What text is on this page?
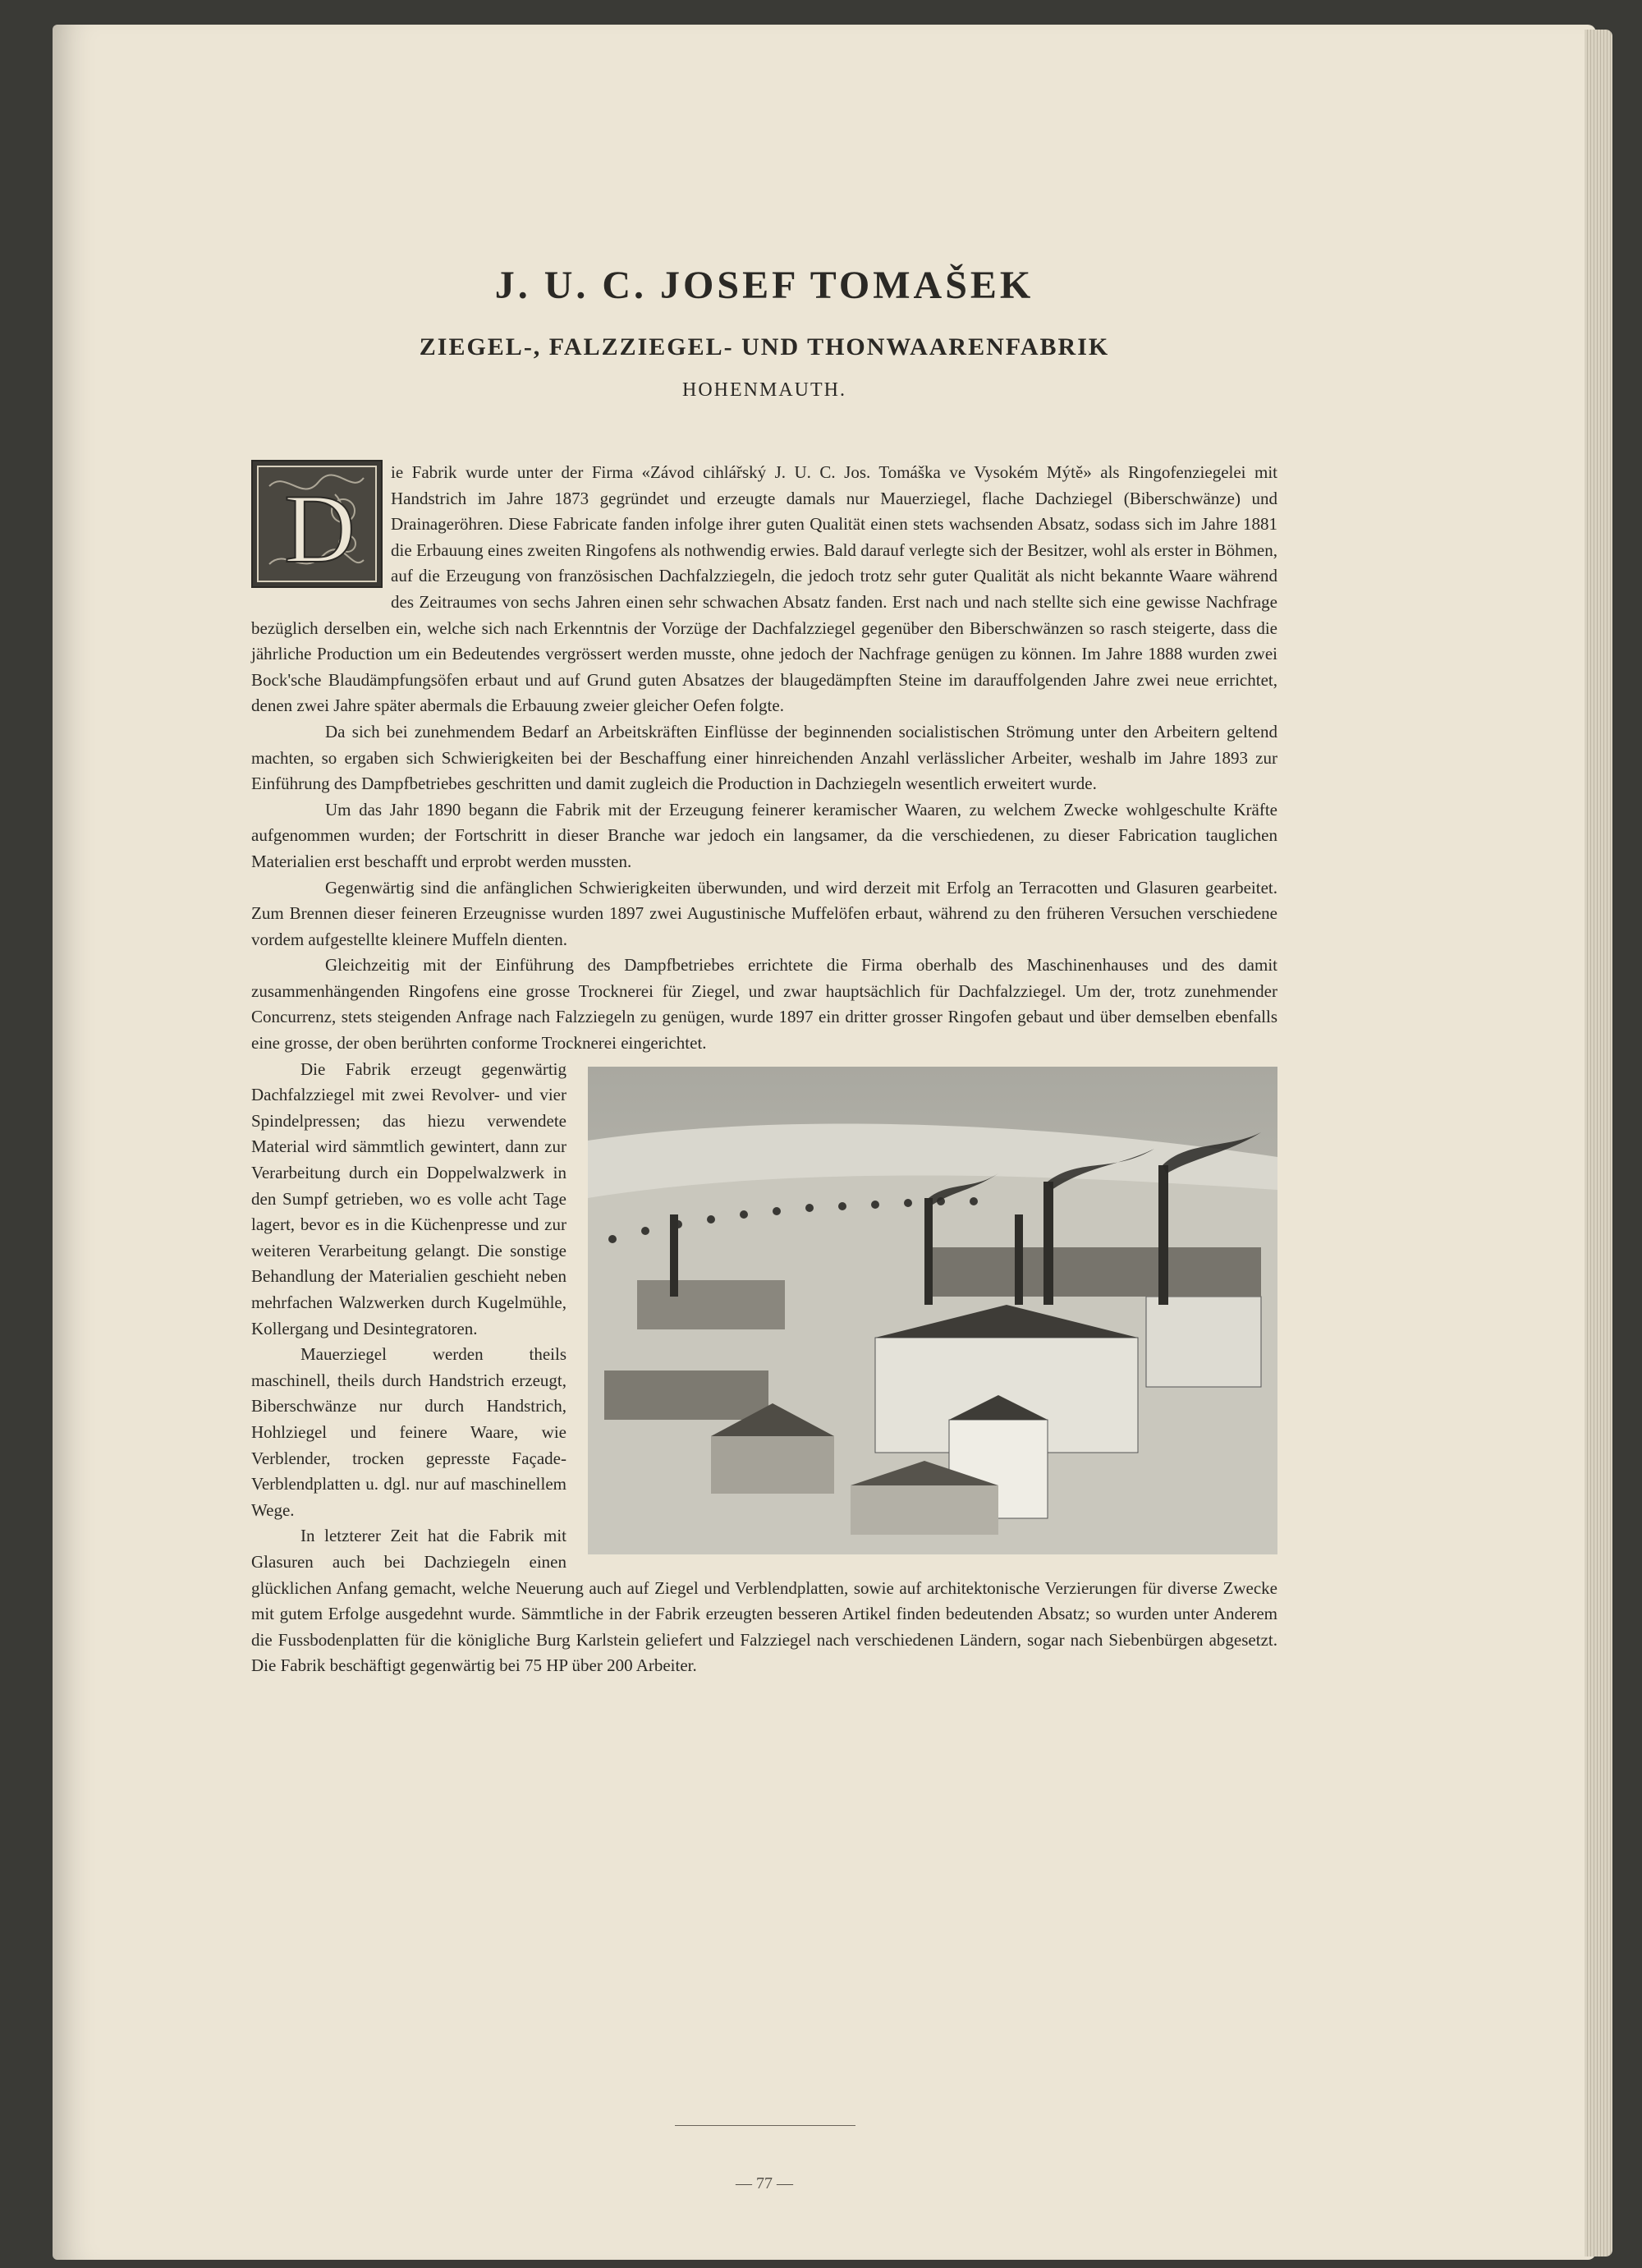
J. U. C. JOSEF TOMAŠEK
ZIEGEL-, FALZZIEGEL- UND THONWAARENFABRIK
HOHENMAUTH.
D

ie Fabrik wurde unter der Firma «Závod cihlářský J. U. C. Jos. Tomáška ve Vysokém Mýtě» als Ringofenziegelei mit Handstrich im Jahre 1873 gegründet und erzeugte damals nur Mauerziegel, flache Dachziegel (Biberschwänze) und Drainageröhren. Diese Fabricate fanden infolge ihrer guten Qualität einen stets wachsenden Absatz, sodass sich im Jahre 1881 die Erbauung eines zweiten Ringofens als nothwendig erwies. Bald darauf verlegte sich der Besitzer, wohl als erster in Böhmen, auf die Erzeugung von französischen Dachfalzziegeln, die jedoch trotz sehr guter Qualität als nicht bekannte Waare während des Zeitraumes von sechs Jahren einen sehr schwachen Absatz fanden. Erst nach und nach stellte sich eine gewisse Nachfrage bezüglich derselben ein, welche sich nach Erkenntnis der Vorzüge der Dachfalzziegel gegenüber den Biberschwänzen so rasch steigerte, dass die jährliche Production um ein Bedeutendes vergrössert werden musste, ohne jedoch der Nachfrage genügen zu können. Im Jahre 1888 wurden zwei Bock'sche Blaudämpfungsöfen erbaut und auf Grund guten Absatzes der blaugedämpften Steine im darauffolgenden Jahre zwei neue errichtet, denen zwei Jahre später abermals die Erbauung zweier gleicher Oefen folgte.

Da sich bei zunehmendem Bedarf an Arbeitskräften Einflüsse der beginnenden socialistischen Strömung unter den Arbeitern geltend machten, so ergaben sich Schwierigkeiten bei der Beschaffung einer hinreichenden Anzahl verlässlicher Arbeiter, weshalb im Jahre 1893 zur Einführung des Dampfbetriebes geschritten und damit zugleich die Production in Dachziegeln wesentlich erweitert wurde.

Um das Jahr 1890 begann die Fabrik mit der Erzeugung feinerer keramischer Waaren, zu welchem Zwecke wohlgeschulte Kräfte aufgenommen wurden; der Fortschritt in dieser Branche war jedoch ein langsamer, da die verschiedenen, zu dieser Fabrication tauglichen Materialien erst beschafft und erprobt werden mussten.

Gegenwärtig sind die anfänglichen Schwierigkeiten überwunden, und wird derzeit mit Erfolg an Terracotten und Glasuren gearbeitet. Zum Brennen dieser feineren Erzeugnisse wurden 1897 zwei Augustinische Muffelöfen erbaut, während zu den früheren Versuchen verschiedene vordem aufgestellte kleinere Muffeln dienten.

Gleichzeitig mit der Einführung des Dampfbetriebes errichtete die Firma oberhalb des Maschinenhauses und des damit zusammenhängenden Ringofens eine grosse Trocknerei für Ziegel, und zwar hauptsächlich für Dachfalzziegel. Um der, trotz zunehmender Concurrenz, stets steigenden Anfrage nach Falzziegeln zu genügen, wurde 1897 ein dritter grosser Ringofen gebaut und über demselben ebenfalls eine grosse, der oben berührten conforme Trocknerei eingerichtet.

Die Fabrik erzeugt gegenwärtig Dachfalzziegel mit zwei Revolver- und vier Spindelpressen; das hiezu verwendete Material wird sämmtlich gewintert, dann zur Verarbeitung durch ein Doppelwalzwerk in den Sumpf getrieben, wo es volle acht Tage lagert, bevor es in die Küchenpresse und zur weiteren Verarbeitung gelangt. Die sonstige Behandlung der Materialien geschieht neben mehrfachen Walzwerken durch Kugelmühle, Kollergang und Desintegratoren.

Mauerziegel werden theils maschinell, theils durch Handstrich erzeugt, Biberschwänze nur durch Handstrich, Hohlziegel und feinere Waare, wie Verblender, trocken gepresste Façade-Verblendplatten u. dgl. nur auf maschinellem Wege.

In letzterer Zeit hat die Fabrik mit Glasuren auch bei Dachziegeln einen glücklichen Anfang gemacht, welche Neuerung auch auf Ziegel und Verblendplatten, sowie auf architektonische Verzierungen für diverse Zwecke mit gutem Erfolge ausgedehnt wurde. Sämmtliche in der Fabrik erzeugten besseren Artikel finden bedeutenden Absatz; so wurden unter Anderem die Fussbodenplatten für die königliche Burg Karlstein geliefert und Falzziegel nach verschiedenen Ländern, sogar nach Siebenbürgen abgesetzt. Die Fabrik beschäftigt gegenwärtig bei 75 HP über 200 Arbeiter.

— 77 —
